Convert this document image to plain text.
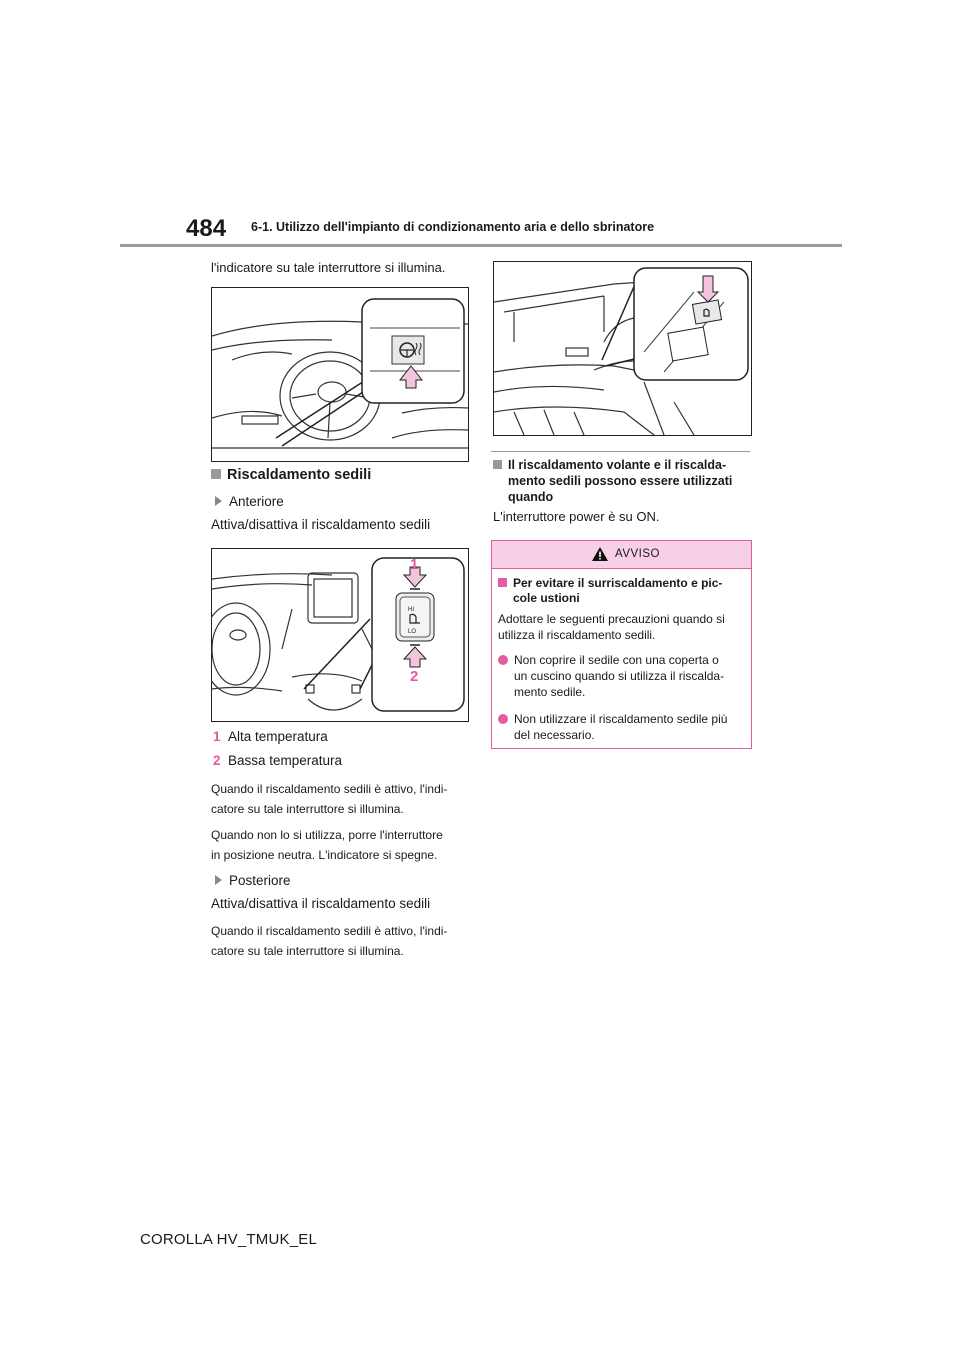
484 6-1. Utilizzo dell'impianto di condizionamento aria e dello sbrinatore
l'indicatore su tale interruttore si illumina.
Riscaldamento sedili
Anteriore
Attiva/disattiva il riscaldamento sedili
HI
LO
1
2
1 Alta temperatura
2 Bassa temperatura
Quando il riscaldamento sedili è attivo, l'indi-
catore su tale interruttore si illumina.
Quando non lo si utilizza, porre l'interruttore
in posizione neutra. L'indicatore si spegne.
Posteriore
Attiva/disattiva il riscaldamento sedili
Quando il riscaldamento sedili è attivo, l'indi-
catore su tale interruttore si illumina.
Il riscaldamento volante e il riscalda-
mento sedili possono essere utilizzati
quando
L'interruttore power è su ON.
AVVISO
Per evitare il surriscaldamento e pic-
cole ustioni
Adottare le seguenti precauzioni quando si
utilizza il riscaldamento sedili.
Non coprire il sedile con una coperta o
un cuscino quando si utilizza il riscalda-
mento sedile.
Non utilizzare il riscaldamento sedile più
del necessario.
COROLLA HV_TMUK_EL
